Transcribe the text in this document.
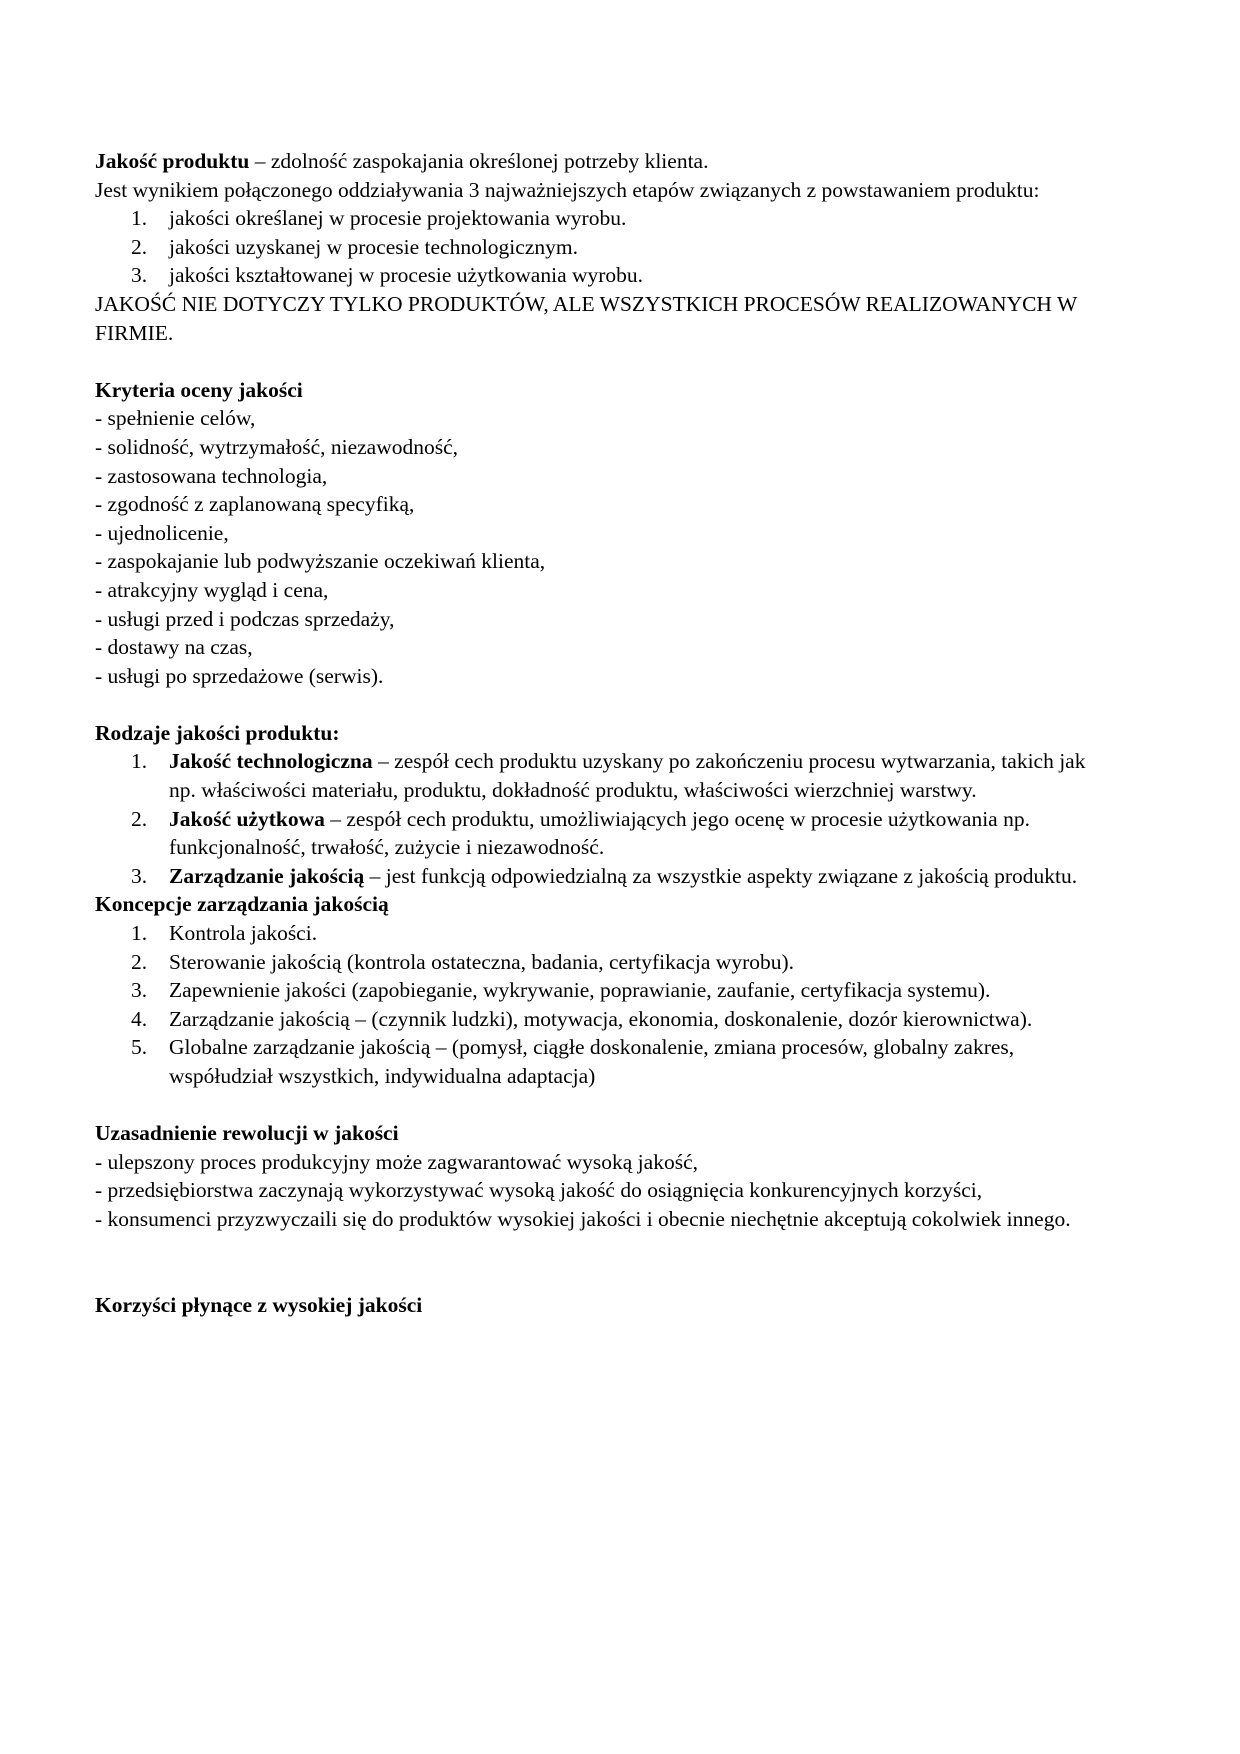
Jakość produktu – zdolność zaspokajania określonej potrzeby klienta.

Jest wynikiem połączonego oddziaływania 3 najważniejszych etapów związanych z powstawaniem produktu:

1. jakości określanej w procesie projektowania wyrobu.
2. jakości uzyskanej w procesie technologicznym.
3. jakości kształtowanej w procesie użytkowania wyrobu.

JAKOŚĆ NIE DOTYCZY TYLKO PRODUKTÓW, ALE WSZYSTKICH PROCESÓW REALIZOWANYCH W FIRMIE.

Kryteria oceny jakości

- spełnienie celów,

- solidność, wytrzymałość, niezawodność,

- zastosowana technologia,

- zgodność z zaplanowaną specyfiką,

- ujednolicenie,

- zaspokajanie lub podwyższanie oczekiwań klienta,

- atrakcyjny wygląd i cena,

- usługi przed i podczas sprzedaży,

- dostawy na czas,

- usługi po sprzedażowe (serwis).

Rodzaje jakości produktu:

1. Jakość technologiczna – zespół cech produktu uzyskany po zakończeniu procesu wytwarzania, takich jak np. właściwości materiału, produktu, dokładność produktu, właściwości wierzchniej warstwy.
2. Jakość użytkowa – zespół cech produktu, umożliwiających jego ocenę w procesie użytkowania np. funkcjonalność, trwałość, zużycie i niezawodność.
3. Zarządzanie jakością – jest funkcją odpowiedzialną za wszystkie aspekty związane z jakością produktu.

Koncepcje zarządzania jakością

1. Kontrola jakości.
2. Sterowanie jakością (kontrola ostateczna, badania, certyfikacja wyrobu).
3. Zapewnienie jakości (zapobieganie, wykrywanie, poprawianie, zaufanie, certyfikacja systemu).
4. Zarządzanie jakością – (czynnik ludzki), motywacja, ekonomia, doskonalenie, dozór kierownictwa).
5. Globalne zarządzanie jakością – (pomysł, ciągłe doskonalenie, zmiana procesów, globalny zakres, współudział wszystkich, indywidualna adaptacja)

Uzasadnienie rewolucji w jakości

- ulepszony proces produkcyjny może zagwarantować wysoką jakość,

- przedsiębiorstwa zaczynają wykorzystywać wysoką jakość do osiągnięcia konkurencyjnych korzyści,

- konsumenci przyzwyczaili się do produktów wysokiej jakości i obecnie niechętnie akceptują cokolwiek innego.

Korzyści płynące z wysokiej jakości
